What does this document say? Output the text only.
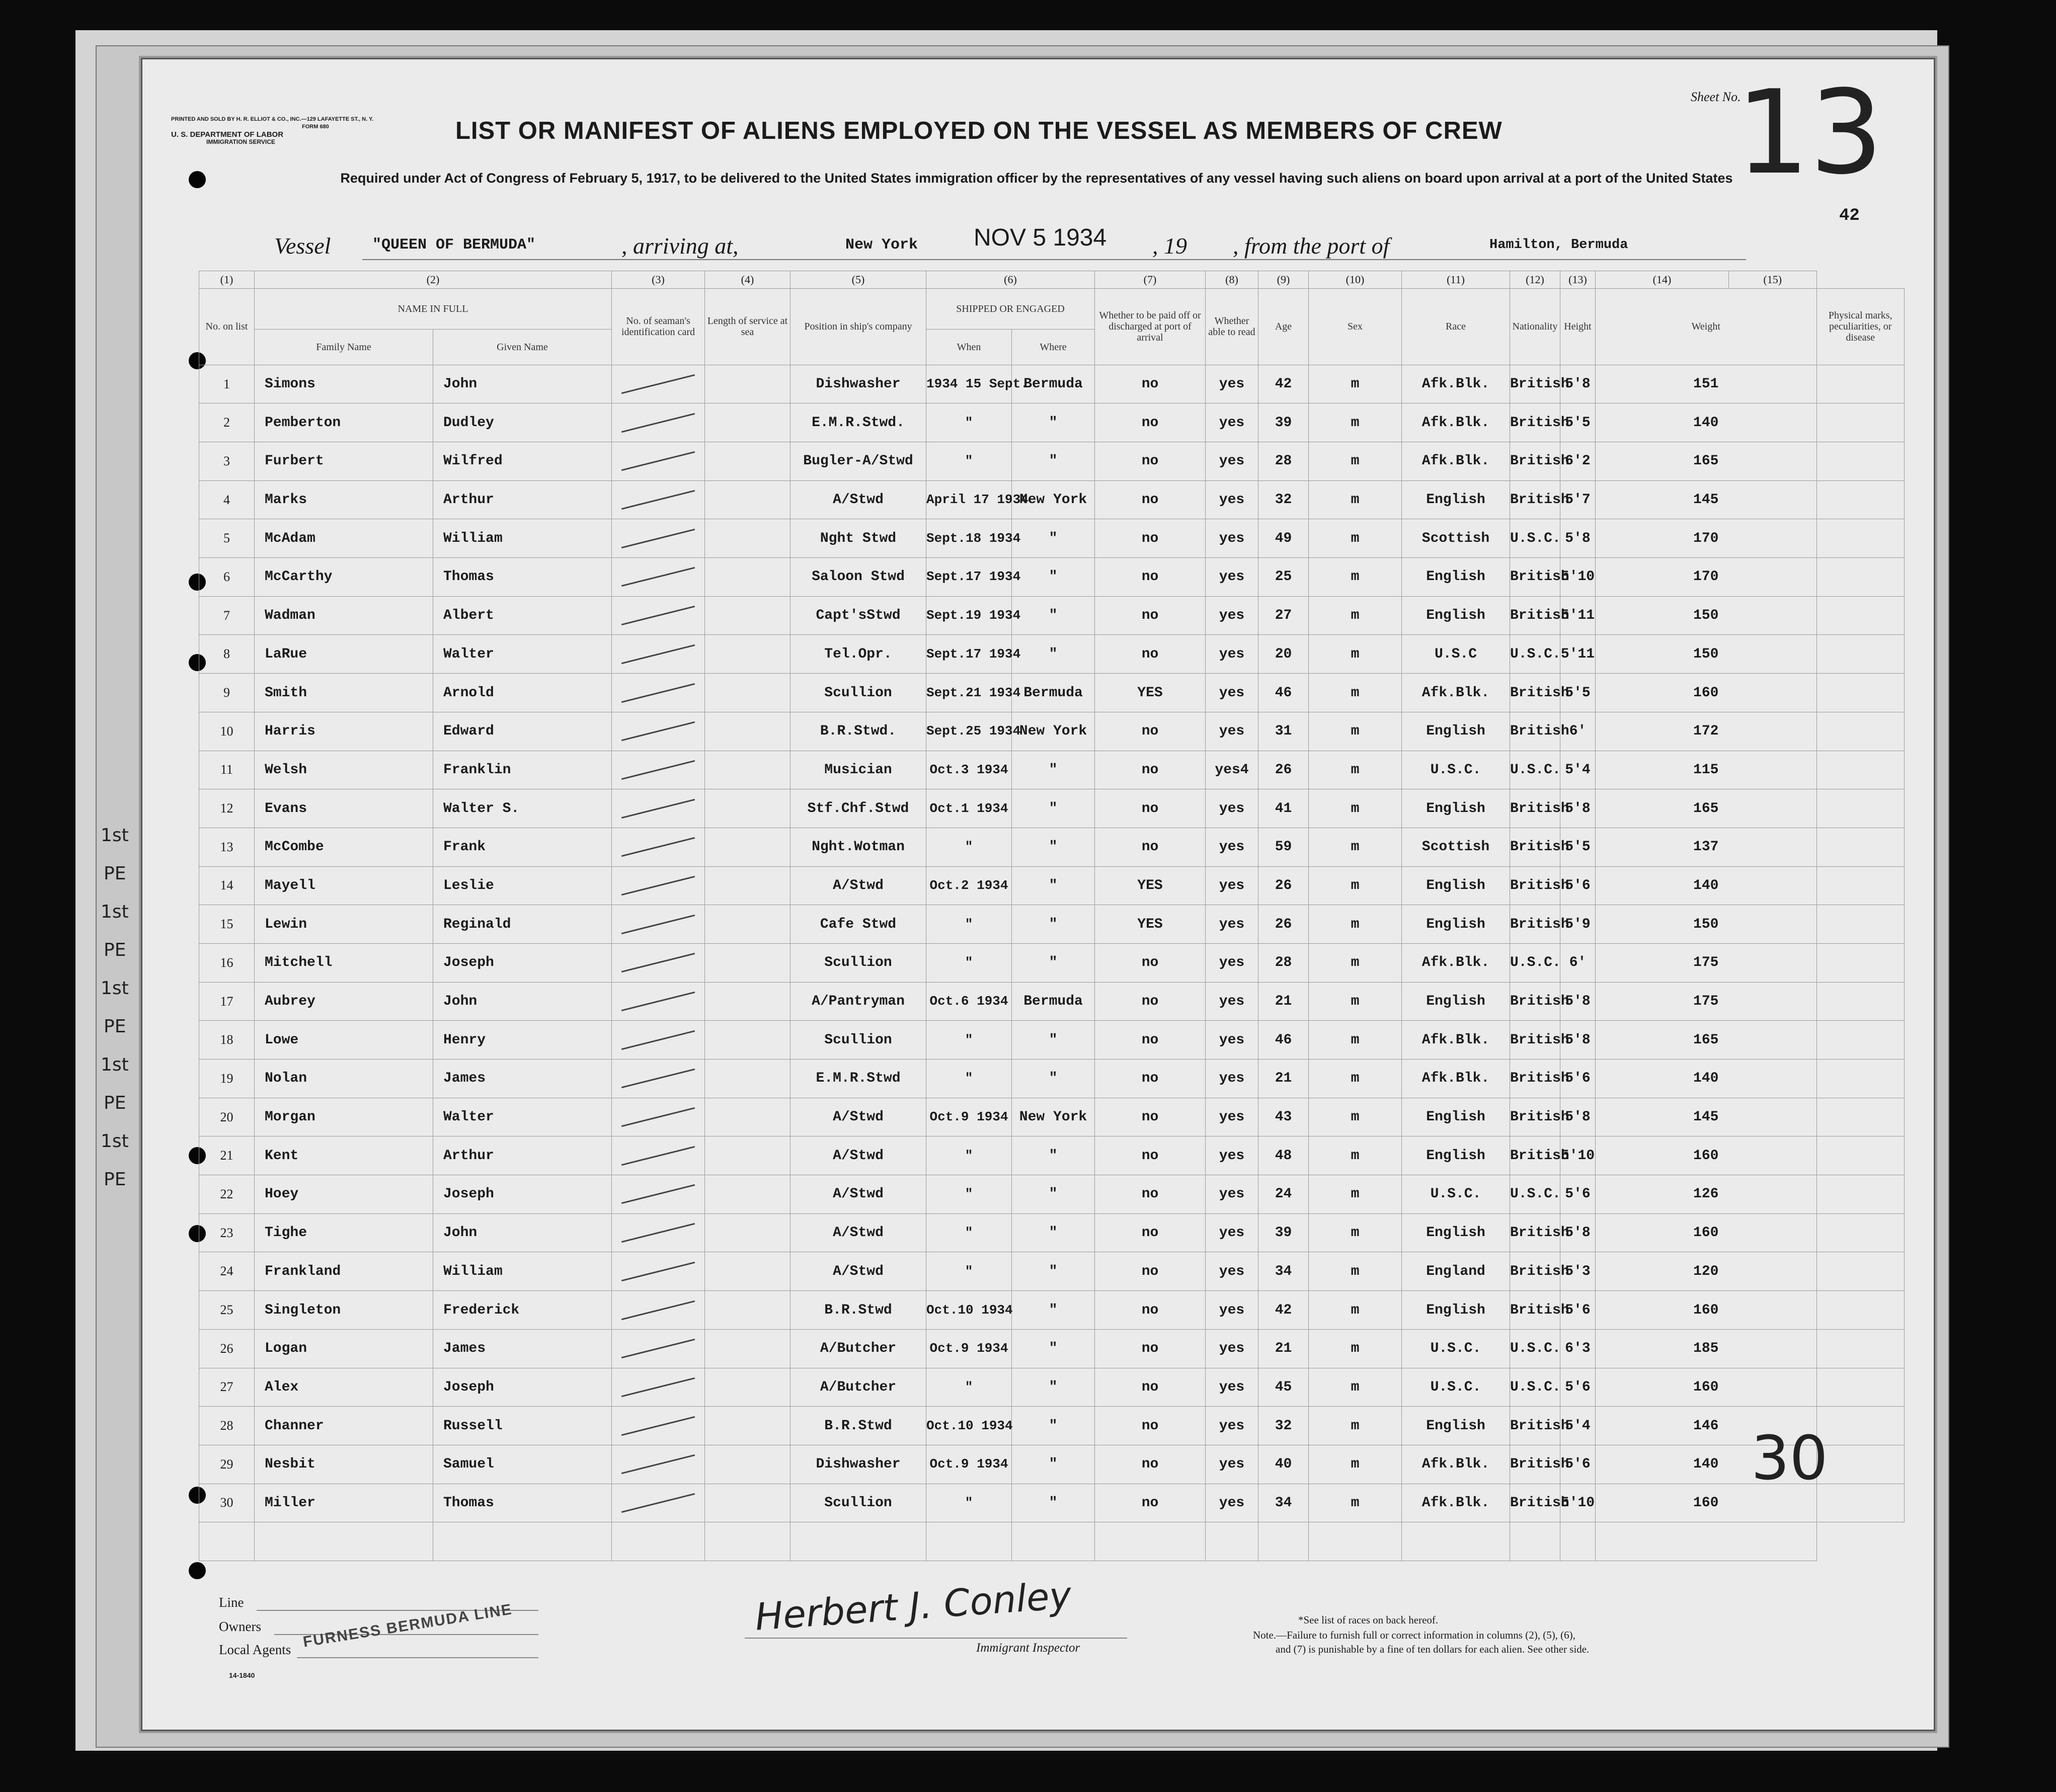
PRINTED AND SOLD BY H. R. ELLIOT & CO., INC.—129 LAFAYETTE ST., N. Y.
FORM 680
U. S. DEPARTMENT OF LABOR
IMMIGRATION SERVICE
Sheet No.
13
42
LIST OR MANIFEST OF ALIENS EMPLOYED ON THE VESSEL AS MEMBERS OF CREW
Required under Act of Congress of February 5, 1917, to be delivered to the United States immigration officer by the representatives of any vessel having such aliens on board upon arrival at a port of the United States
Vessel	"QUEEN OF BERMUDA"	, arriving at,	New York NOV 5 1934 , 19 , from the port of	Hamilton, Bermuda
(1)	(2)		(3)	(4)	(5)	(6)		(7)	(8)	(9)	(10)	(11)	(12)	(13)	(14)	(15)	
No. on list	NAME IN FULL		No. of seaman's identification card	Length of service at sea	Position in ship's company	SHIPPED OR ENGAGED		Whether to be paid off or discharged at port of arrival	Whether able to read	Age	Sex	Race	Nationality	Height	Weight		Physical marks, peculiarities, or disease
	Family Name	Given Name				When	Where										
1	Simons	John			Dishwasher	1934 15 Sept.	Bermuda	no	yes	42	m	Afk.Blk.	British	5'8	151		
2	Pemberton	Dudley			E.M.R.Stwd.	"	"	no	yes	39	m	Afk.Blk.	British	5'5	140		
3	Furbert	Wilfred			Bugler-A/Stwd	"	"	no	yes	28	m	Afk.Blk.	British	6'2	165		
4	Marks	Arthur			A/Stwd	April 17 1934	New York	no	yes	32	m	English	British	5'7	145		
5	McAdam	William			Nght Stwd	Sept.18 1934	"	no	yes	49	m	Scottish	U.S.C.	5'8	170		
6	McCarthy	Thomas			Saloon Stwd	Sept.17 1934	"	no	yes	25	m	English	British	5'10	170		
7	Wadman	Albert			Capt'sStwd	Sept.19 1934	"	no	yes	27	m	English	British	5'11	150		
8	LaRue	Walter			Tel.Opr.	Sept.17 1934	"	no	yes	20	m	U.S.C	U.S.C.	5'11	150		
9	Smith	Arnold			Scullion	Sept.21 1934	Bermuda	YES	yes	46	m	Afk.Blk.	British	5'5	160		
10	Harris	Edward			B.R.Stwd.	Sept.25 1934	New York	no	yes	31	m	English	British	6'	172		
11	Welsh	Franklin			Musician	Oct.3 1934	"	no	yes4	26	m	U.S.C.	U.S.C.	5'4	115		
12	Evans	Walter S.			Stf.Chf.Stwd	Oct.1 1934	"	no	yes	41	m	English	British	5'8	165		
13	McCombe	Frank			Nght.Wotman	"	"	no	yes	59	m	Scottish	British	5'5	137		
14	Mayell	Leslie			A/Stwd	Oct.2 1934	"	YES	yes	26	m	English	British	5'6	140		
15	Lewin	Reginald			Cafe Stwd	"	"	YES	yes	26	m	English	British	5'9	150		
16	Mitchell	Joseph			Scullion	"	"	no	yes	28	m	Afk.Blk.	U.S.C.	6'	175		
17	Aubrey	John			A/Pantryman	Oct.6 1934	Bermuda	no	yes	21	m	English	British	5'8	175		
18	Lowe	Henry			Scullion	"	"	no	yes	46	m	Afk.Blk.	British	5'8	165		
19	Nolan	James			E.M.R.Stwd	"	"	no	yes	21	m	Afk.Blk.	British	5'6	140		
20	Morgan	Walter			A/Stwd	Oct.9 1934	New York	no	yes	43	m	English	British	5'8	145		
21	Kent	Arthur			A/Stwd	"	"	no	yes	48	m	English	British	5'10	160		
22	Hoey	Joseph			A/Stwd	"	"	no	yes	24	m	U.S.C.	U.S.C.	5'6	126		
23	Tighe	John			A/Stwd	"	"	no	yes	39	m	English	British	5'8	160		
24	Frankland	William			A/Stwd	"	"	no	yes	34	m	England	British	5'3	120		
25	Singleton	Frederick			B.R.Stwd	Oct.10 1934	"	no	yes	42	m	English	British	5'6	160		
26	Logan	James			A/Butcher	Oct.9 1934	"	no	yes	21	m	U.S.C.	U.S.C.	6'3	185		
27	Alex	Joseph			A/Butcher	"	"	no	yes	45	m	U.S.C.	U.S.C.	5'6	160		
28	Channer	Russell			B.R.Stwd	Oct.10 1934	"	no	yes	32	m	English	British	5'4	146		
29	Nesbit	Samuel			Dishwasher	Oct.9 1934	"	no	yes	40	m	Afk.Blk.	British	5'6	140		
30	Miller	Thomas			Scullion	"	"	no	yes	34	m	Afk.Blk.	British	5'10	160		

1st
PE
1st
PE
1st
PE
1st
PE
1st
PE
30
Line
Owners
Local Agents FURNESS BERMUDA LINE	Herbert J. Conley
Immigrant Inspector
*See list of races on back hereof.
Note.—Failure to furnish full or correct information in columns (2), (5), (6),
and (7) is punishable by a fine of ten dollars for each alien. See other side.
14-1840
